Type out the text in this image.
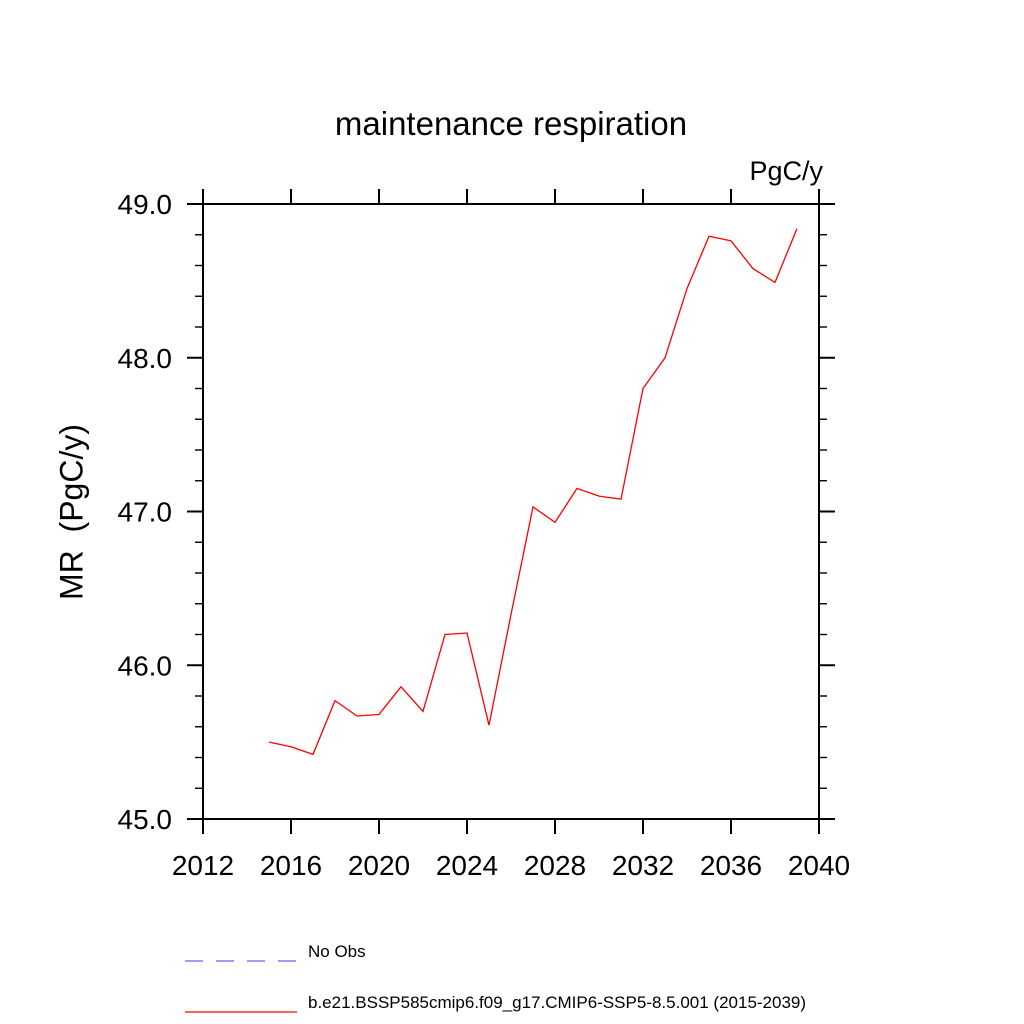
maintenance respiration
PgC/y
MR  (PgC/y)
2012 2016 2020 2024 2028 2032 2036 2040
45.0
46.0
47.0
48.0
49.0
No Obs
b.e21.BSSP585cmip6.f09_g17.CMIP6-SSP5-8.5.001 (2015-2039)
